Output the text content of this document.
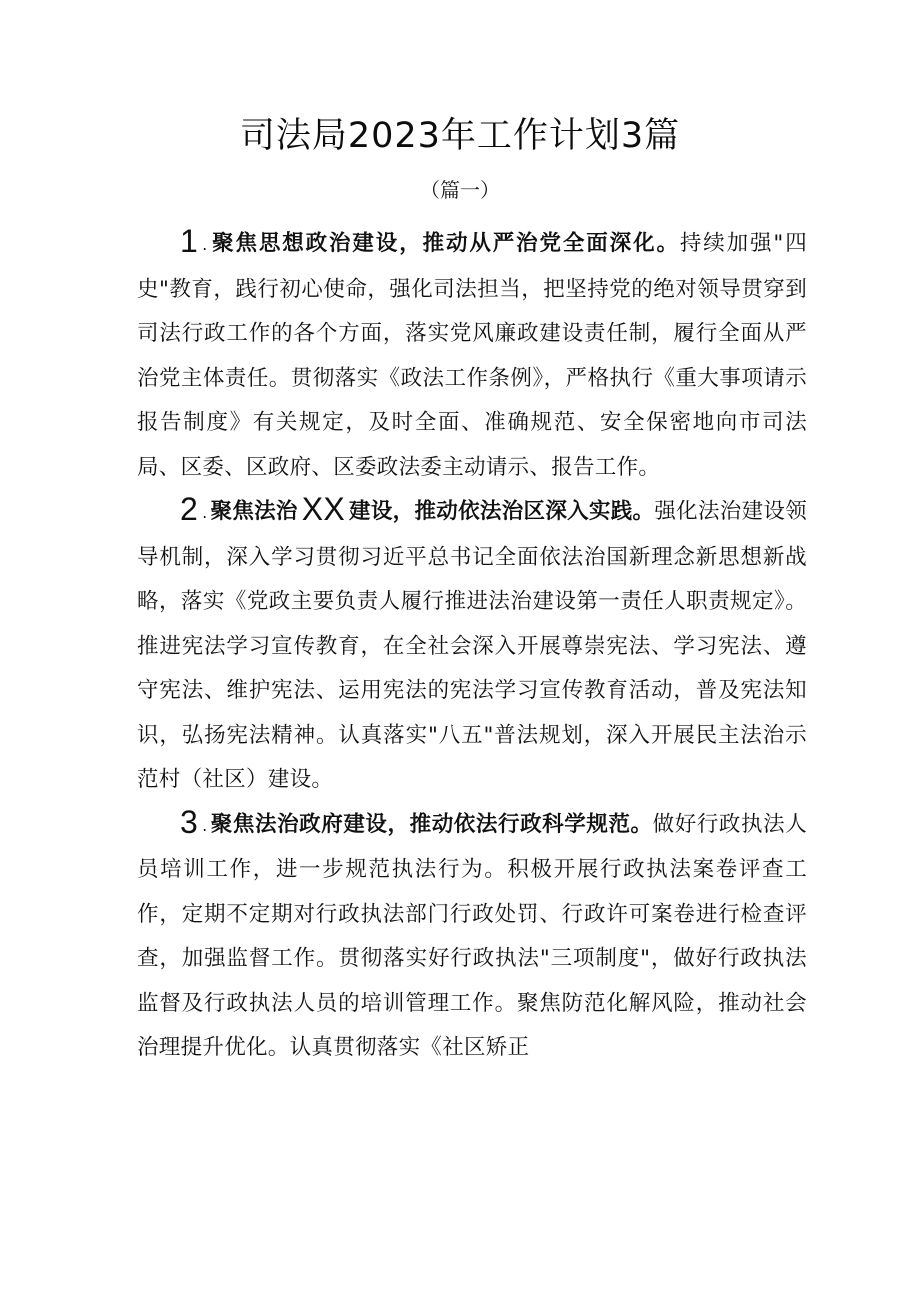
司法局2023年工作计划3篇
（篇一）

1 . 聚焦思想政治建设，推动从严治党全面深化。持续加强"四史"教育，践行初心使命，强化司法担当，把坚持党的绝对领导贯穿到司法行政工作的各个方面，落实党风廉政建设责任制，履行全面从严治党主体责任。贯彻落实《政法工作条例》，严格执行《重大事项请示报告制度》有关规定，及时全面、准确规范、安全保密地向市司法局、区委、区政府、区委政法委主动请示、报告工作。

2 . 聚焦法治 XX 建设，推动依法治区深入实践。强化法治建设领导机制，深入学习贯彻习近平总书记全面依法治国新理念新思想新战略，落实《党政主要负责人履行推进法治建设第一责任人职责规定》。推进宪法学习宣传教育，在全社会深入开展尊崇宪法、学习宪法、遵守宪法、维护宪法、运用宪法的宪法学习宣传教育活动，普及宪法知识，弘扬宪法精神。认真落实"八五"普法规划，深入开展民主法治示范村（社区）建设。

3 . 聚焦法治政府建设，推动依法行政科学规范。做好行政执法人员培训工作，进一步规范执法行为。积极开展行政执法案卷评查工作，定期不定期对行政执法部门行政处罚、行政许可案卷进行检查评查，加强监督工作。贯彻落实好行政执法"三项制度"，做好行政执法监督及行政执法人员的培训管理工作。聚焦防范化解风险，推动社会治理提升优化。认真贯彻落实《社区矫正
